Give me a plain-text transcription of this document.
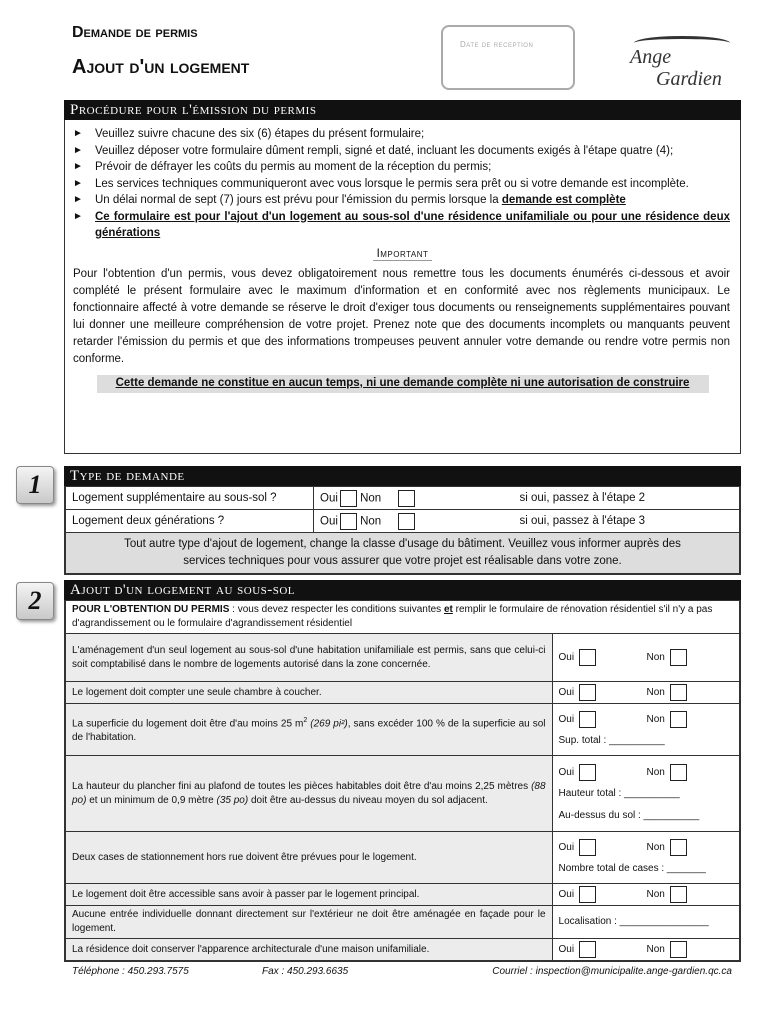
Demande de permis
Ajout d'un logement
Date de reception
Ange
Gardien
Procédure pour l'émission du permis
► Veuillez suivre chacune des six (6) étapes du présent formulaire;
► Veuillez déposer votre formulaire dûment rempli, signé et daté, incluant les documents exigés à l'étape quatre (4);
► Prévoir de défrayer les coûts du permis au moment de la réception du permis;
► Les services techniques communiqueront avec vous lorsque le permis sera prêt ou si votre demande est incomplète.
► Un délai normal de sept (7) jours est prévu pour l'émission du permis lorsque la demande est complète
► Ce formulaire est pour l'ajout d'un logement au sous-sol d'une résidence unifamiliale ou pour une résidence deux générations
Important

Pour l'obtention d'un permis, vous devez obligatoirement nous remettre tous les documents énumérés ci-dessous et avoir complété le présent formulaire avec le maximum d'information et en conformité avec nos règlements municipaux. Le fonctionnaire affecté à votre demande se réserve le droit d'exiger tous documents ou renseignements supplémentaires pouvant lui donner une meilleure compréhension de votre projet. Prenez note que des documents incomplets ou manquants peuvent retarder l'émission du permis et que des informations trompeuses peuvent annuler votre demande ou rendre votre permis non conforme.

Cette demande ne constitue en aucun temps, ni une demande complète ni une autorisation de construire
1	Type de demande
Logement supplémentaire au sous-sol ?	Oui Non	si oui, passez à l'étape 2
Logement deux générations ?	Oui Non	si oui, passez à l'étape 3
Tout autre type d'ajout de logement, change la classe d'usage du bâtiment. Veuillez vous informer auprès des services techniques pour vous assurer que votre projet est réalisable dans votre zone.		
2	Ajout d'un logement au sous-sol
POUR L'OBTENTION DU PERMIS : vous devez respecter les conditions suivantes et remplir le formulaire de rénovation résidentiel s'il n'y a pas d'agrandissement ou le formulaire d'agrandissement résidentiel	
L'aménagement d'un seul logement au sous-sol d'une habitation unifamiliale est permis, sans que celui-ci soit comptabilisé dans le nombre de logements autorisé dans la zone concernée.	Oui Non

Le logement doit compter une seule chambre à coucher.	Oui Non

La superficie du logement doit être d'au moins 25 $m^2$ (269 pi²), sans excéder 100 % de la superficie au sol de l'habitation.	Oui Non
Sup. total : __________

La hauteur du plancher fini au plafond de toutes les pièces habitables doit être d'au moins 2,25 mètres (88 po) et un minimum de 0,9 mètre (35 po) doit être au-dessus du niveau moyen du sol adjacent.	Oui Non
Hauteur total : __________
Au-dessus du sol : __________

Deux cases de stationnement hors rue doivent être prévues pour le logement.	Oui Non
Nombre total de cases : _______

Le logement doit être accessible sans avoir à passer par le logement principal.	Oui Non

Aucune entrée individuelle donnant directement sur l'extérieur ne doit être aménagée en façade pour le logement.	Localisation : ________________

La résidence doit conserver l'apparence architecturale d'une maison unifamiliale.	Oui Non
Téléphone : 450.293.7575	Fax : 450.293.6635	Courriel : inspection@municipalite.ange-gardien.qc.ca
